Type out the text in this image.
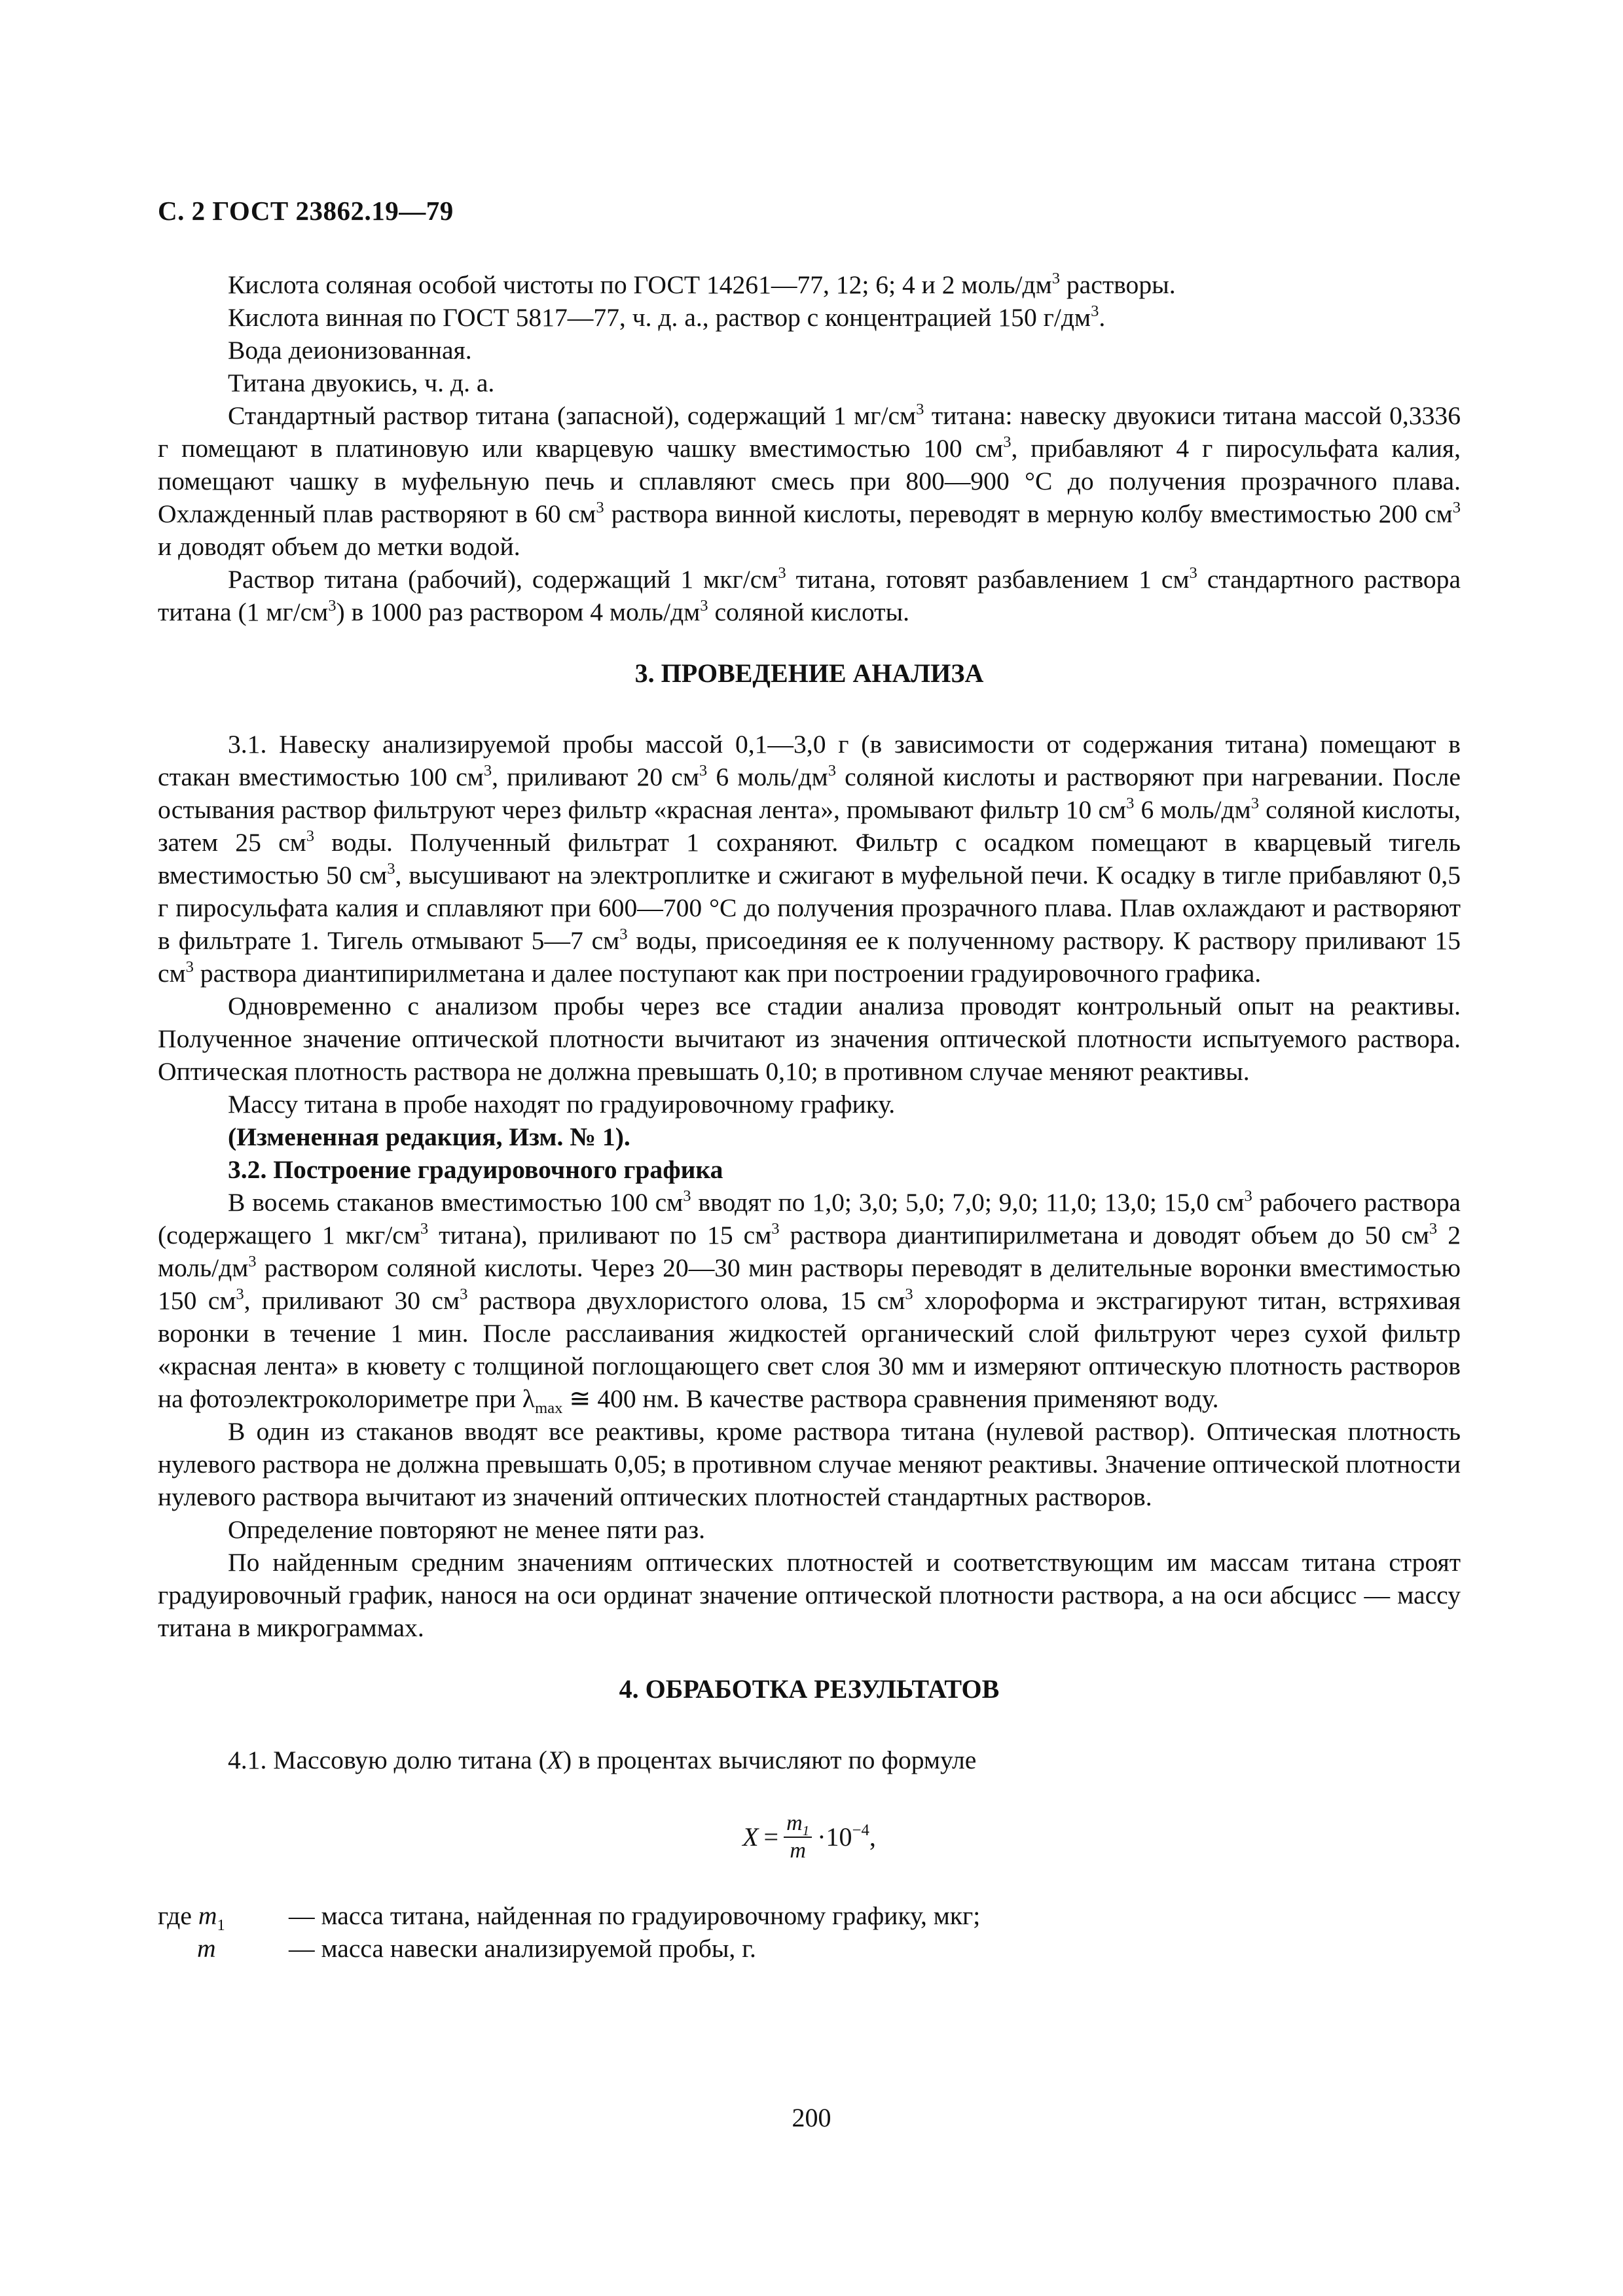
С. 2 ГОСТ 23862.19—79

Кислота соляная особой чистоты по ГОСТ 14261—77, 12; 6; 4 и 2 моль/$дм^3$ растворы.

Кислота винная по ГОСТ 5817—77, ч. д. а., раствор с концентрацией 150 $г/дм^3$.

Вода деионизованная.

Титана двуокись, ч. д. а.

Стандартный раствор титана (запасной), содержащий 1 $мг/см^3$ титана: навеску двуокиси титана массой 0,3336 г помещают в платиновую или кварцевую чашку вместимостью 100 $см^3$, прибавляют 4 г пиросульфата калия, помещают чашку в муфельную печь и сплавляют смесь при 800—900 °С до получения прозрачного плава. Охлажденный плав растворяют в 60 $см^3$ раствора винной кислоты, переводят в мерную колбу вместимостью 200 $см^3$ и доводят объем до метки водой.

Раствор титана (рабочий), содержащий 1 мкг/$см^3$ титана, готовят разбавлением 1 $см^3$ стандартного раствора титана (1 $мг/см^3$) в 1000 раз раствором 4 моль/$дм^3$ соляной кислоты.

3. ПРОВЕДЕНИЕ АНАЛИЗА

3.1. Навеску анализируемой пробы массой 0,1—3,0 г (в зависимости от содержания титана) помещают в стакан вместимостью 100 $см^3$, приливают 20 $см^3$ 6 моль/$дм^3$ соляной кислоты и растворяют при нагревании. После остывания раствор фильтруют через фильтр «красная лента», промывают фильтр 10 $см^3$ 6 моль/$дм^3$ соляной кислоты, затем 25 $см^3$ воды. Полученный фильтрат 1 сохраняют. Фильтр с осадком помещают в кварцевый тигель вместимостью 50 $см^3$, высушивают на электроплитке и сжигают в муфельной печи. К осадку в тигле прибавляют 0,5 г пиросульфата калия и сплавляют при 600—700 °С до получения прозрачного плава. Плав охлаждают и растворяют в фильтрате 1. Тигель отмывают 5—7 $см^3$ воды, присоединяя ее к полученному раствору. К раствору приливают 15 $см^3$ раствора диантипирилметана и далее поступают как при построении градуировочного графика.

Одновременно с анализом пробы через все стадии анализа проводят контрольный опыт на реактивы. Полученное значение оптической плотности вычитают из значения оптической плотности испытуемого раствора. Оптическая плотность раствора не должна превышать 0,10; в противном случае меняют реактивы.

Массу титана в пробе находят по градуировочному графику.

(Измененная редакция, Изм. № 1).

3.2. Построение градуировочного графика

В восемь стаканов вместимостью 100 $см^3$ вводят по 1,0; 3,0; 5,0; 7,0; 9,0; 11,0; 13,0; 15,0 $см^3$ рабочего раствора (содержащего 1 мкг/$см^3$ титана), приливают по 15 $см^3$ раствора диантипирилметана и доводят объем до 50 $см^3$ 2 моль/$дм^3$ раствором соляной кислоты. Через 20—30 мин растворы переводят в делительные воронки вместимостью 150 $см^3$, приливают 30 $см^3$ раствора двухлористого олова, 15 $см^3$ хлороформа и экстрагируют титан, встряхивая воронки в течение 1 мин. После расслаивания жидкостей органический слой фильтруют через сухой фильтр «красная лента» в кювету с толщиной поглощающего свет слоя 30 мм и измеряют оптическую плотность растворов на фотоэлектроколориметре при $\lambda_{max}$ ≅ 400 нм. В качестве раствора сравнения применяют воду.

В один из стаканов вводят все реактивы, кроме раствора титана (нулевой раствор). Оптическая плотность нулевого раствора не должна превышать 0,05; в противном случае меняют реактивы. Значение оптической плотности нулевого раствора вычитают из значений оптических плотностей стандартных растворов.

Определение повторяют не менее пяти раз.

По найденным средним значениям оптических плотностей и соответствующим им массам титана строят градуировочный график, нанося на оси ординат значение оптической плотности раствора, а на оси абсцисс — массу титана в микрограммах.

4. ОБРАБОТКА РЕЗУЛЬТАТОВ

4.1. Массовую долю титана (X) в процентах вычисляют по формуле

$X = \frac{m_1}{m} \cdot 10^{-4}$,
где $m_1$	— масса титана, найденная по градуировочному графику, мкг;
m	— масса навески анализируемой пробы, г.
200
